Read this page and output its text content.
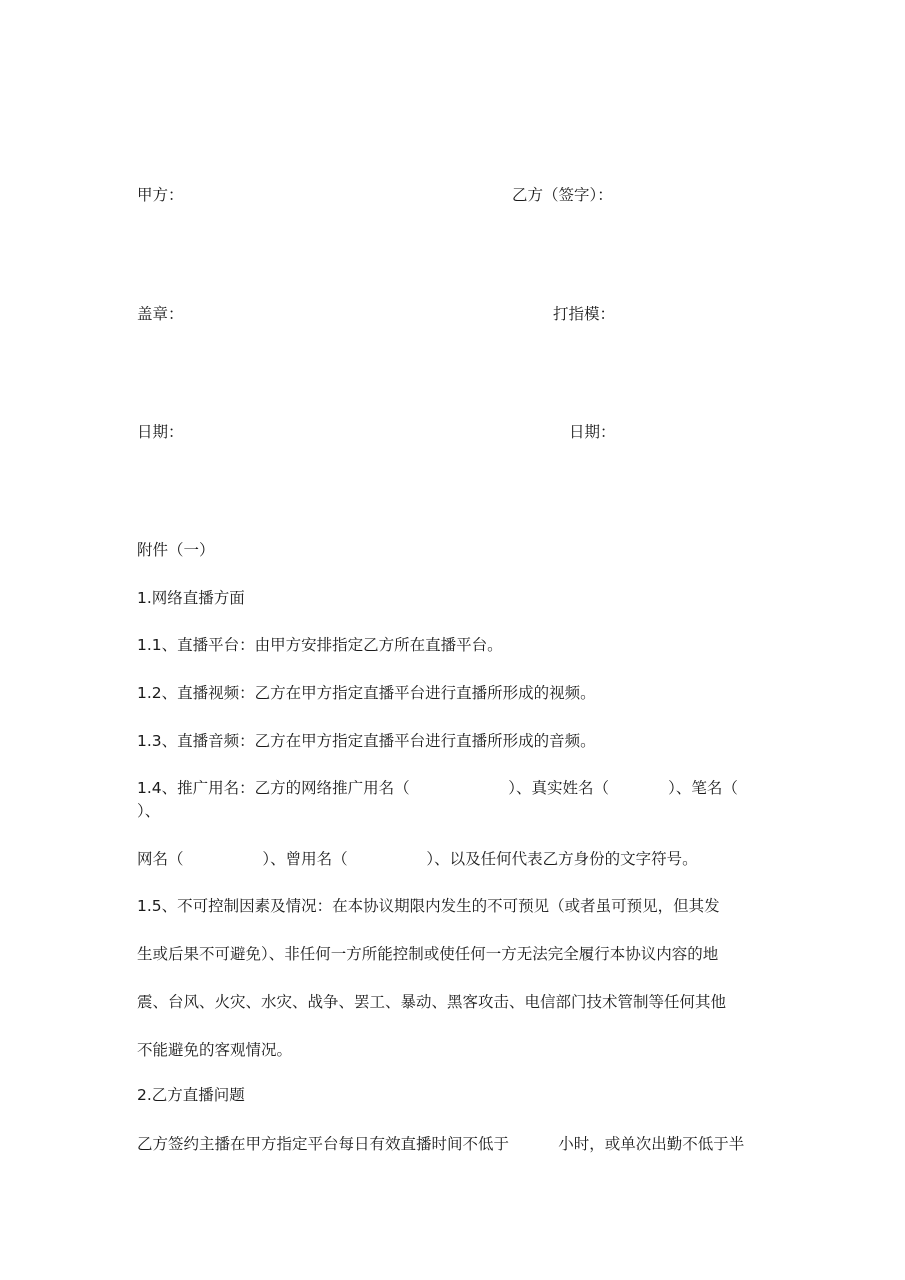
甲方：	乙方（签字）：
盖章：	打指模：
日期：	日期：
附件（一）
1.网络直播方面
1.1、直播平台：由甲方安排指定乙方所在直播平台。
1.2、直播视频：乙方在甲方指定直播平台进行直播所形成的视频。
1.3、直播音频：乙方在甲方指定直播平台进行直播所形成的音频。
1.4、推广用名：乙方的网络推广用名（                    ）、真实姓名（            ）、笔名（
）、
网名（                ）、曾用名（                ）、以及任何代表乙方身份的文字符号。
1.5、不可控制因素及情况：在本协议期限内发生的不可预见（或者虽可预见，但其发
生或后果不可避免）、非任何一方所能控制或使任何一方无法完全履行本协议内容的地
震、台风、火灾、水灾、战争、罢工、暴动、黑客攻击、电信部门技术管制等任何其他
不能避免的客观情况。
2.乙方直播问题
乙方签约主播在甲方指定平台每日有效直播时间不低于          小时，或单次出勤不低于半
